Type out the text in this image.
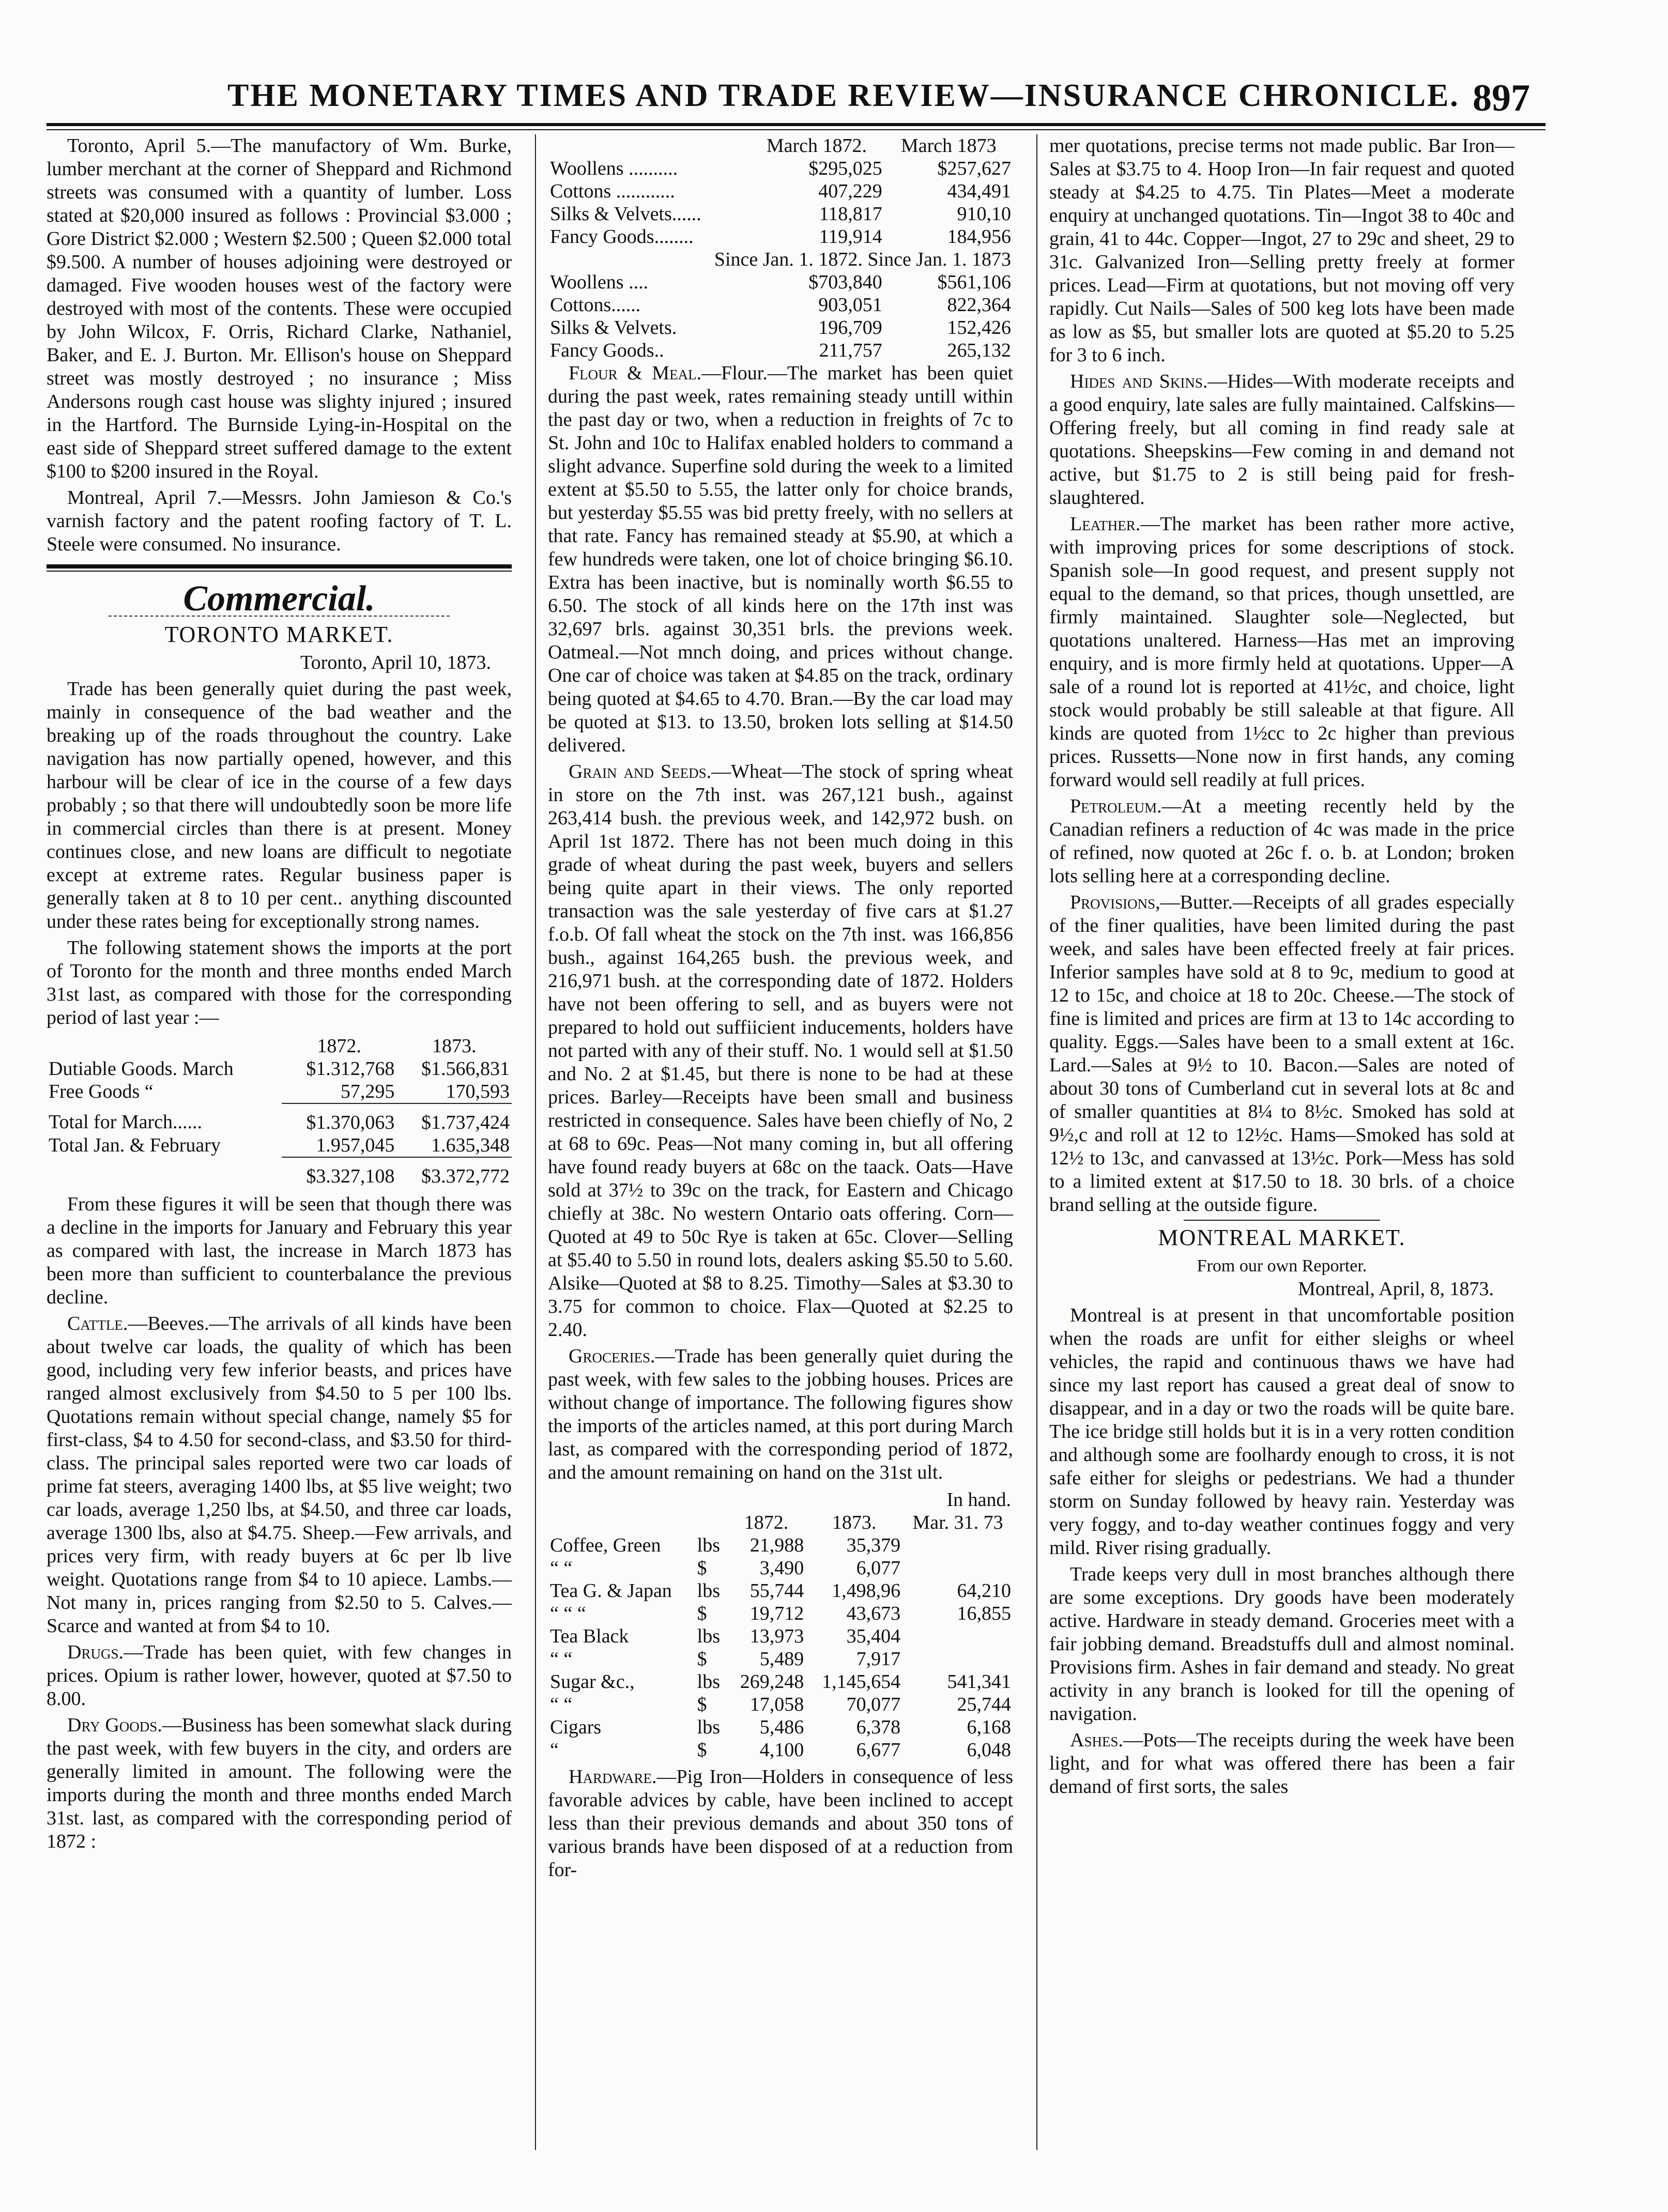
THE MONETARY TIMES AND TRADE REVIEW—INSURANCE CHRONICLE. 897

Toronto, April 5.—The manufactory of Wm. Burke, lumber merchant at the corner of Sheppard and Richmond streets was consumed with a quantity of lumber. Loss stated at $20,000 insured as follows : Provincial $3.000 ; Gore District $2.000 ; Western $2.500 ; Queen $2.000 total $9.500. A number of houses adjoining were destroyed or damaged. Five wooden houses west of the factory were destroyed with most of the contents. These were occupied by John Wilcox, F. Orris, Richard Clarke, Nathaniel, Baker, and E. J. Burton. Mr. Ellison's house on Sheppard street was mostly destroyed ; no insurance ; Miss Andersons rough cast house was slighty injured ; insured in the Hartford. The Burnside Lying-in-Hospital on the east side of Sheppard street suffered damage to the extent $100 to $200 insured in the Royal.

Montreal, April 7.—Messrs. John Jamieson & Co.'s varnish factory and the patent roofing factory of T. L. Steele were consumed. No insurance.

Commercial.
TORONTO MARKET.

Toronto, April 10, 1873.

Trade has been generally quiet during the past week, mainly in consequence of the bad weather and the breaking up of the roads throughout the country. Lake navigation has now partially opened, however, and this harbour will be clear of ice in the course of a few days probably ; so that there will undoubtedly soon be more life in commercial circles than there is at present. Money continues close, and new loans are difficult to negotiate except at extreme rates. Regular business paper is generally taken at 8 to 10 per cent.. anything discounted under these rates being for exceptionally strong names.

The following statement shows the imports at the port of Toronto for the month and three months ended March 31st last, as compared with those for the corresponding period of last year :—

	1872.	1873.
Dutiable Goods. March	$1.312,768	$1.566,831
Free Goods “	57,295	170,593
Total for March......	$1.370,063	$1.737,424
Total Jan. & February	1.957,045	1.635,348
	$3.327,108	$3.372,772

From these figures it will be seen that though there was a decline in the imports for January and February this year as compared with last, the increase in March 1873 has been more than sufficient to counterbalance the previous decline.

Cattle.—Beeves.—The arrivals of all kinds have been about twelve car loads, the quality of which has been good, including very few inferior beasts, and prices have ranged almost exclusively from $4.50 to 5 per 100 lbs. Quotations remain without special change, namely $5 for first-class, $4 to 4.50 for second-class, and $3.50 for third-class. The principal sales reported were two car loads of prime fat steers, averaging 1400 lbs, at $5 live weight; two car loads, average 1,250 lbs, at $4.50, and three car loads, average 1300 lbs, also at $4.75. Sheep.—Few arrivals, and prices very firm, with ready buyers at 6c per lb live weight. Quotations range from $4 to 10 apiece. Lambs.—Not many in, prices ranging from $2.50 to 5. Calves.—Scarce and wanted at from $4 to 10.

Drugs.—Trade has been quiet, with few changes in prices. Opium is rather lower, however, quoted at $7.50 to 8.00.

Dry Goods.—Business has been somewhat slack during the past week, with few buyers in the city, and orders are generally limited in amount. The following were the imports during the month and three months ended March 31st. last, as compared with the corresponding period of 1872 :

	March 1872.	March 1873
Woollens ..........	$295,025	$257,627
Cottons ............	407,229	434,491
Silks & Velvets......	118,817	910,10
Fancy Goods........	119,914	184,956
Since Jan. 1. 1872. Since Jan. 1. 1873		
Woollens ....	$703,840	$561,106
Cottons......	903,051	822,364
Silks & Velvets.	196,709	152,426
Fancy Goods..	211,757	265,132

Flour & Meal.—Flour.—The market has been quiet during the past week, rates remaining steady untill within the past day or two, when a reduction in freights of 7c to St. John and 10c to Halifax enabled holders to command a slight advance. Superfine sold during the week to a limited extent at $5.50 to 5.55, the latter only for choice brands, but yesterday $5.55 was bid pretty freely, with no sellers at that rate. Fancy has remained steady at $5.90, at which a few hundreds were taken, one lot of choice bringing $6.10. Extra has been inactive, but is nominally worth $6.55 to 6.50. The stock of all kinds here on the 17th inst was 32,697 brls. against 30,351 brls. the previons week. Oatmeal.—Not mnch doing, and prices without change. One car of choice was taken at $4.85 on the track, ordinary being quoted at $4.65 to 4.70. Bran.—By the car load may be quoted at $13. to 13.50, broken lots selling at $14.50 delivered.

Grain and Seeds.—Wheat—The stock of spring wheat in store on the 7th inst. was 267,121 bush., against 263,414 bush. the previous week, and 142,972 bush. on April 1st 1872. There has not been much doing in this grade of wheat during the past week, buyers and sellers being quite apart in their views. The only reported transaction was the sale yesterday of five cars at $1.27 f.o.b. Of fall wheat the stock on the 7th inst. was 166,856 bush., against 164,265 bush. the previous week, and 216,971 bush. at the corresponding date of 1872. Holders have not been offering to sell, and as buyers were not prepared to hold out suffiicient inducements, holders have not parted with any of their stuff. No. 1 would sell at $1.50 and No. 2 at $1.45, but there is none to be had at these prices. Barley—Receipts have been small and business restricted in consequence. Sales have been chiefly of No, 2 at 68 to 69c. Peas—Not many coming in, but all offering have found ready buyers at 68c on the taack. Oats—Have sold at 37½ to 39c on the track, for Eastern and Chicago chiefly at 38c. No western Ontario oats offering. Corn—Quoted at 49 to 50c Rye is taken at 65c. Clover—Selling at $5.40 to 5.50 in round lots, dealers asking $5.50 to 5.60. Alsike—Quoted at $8 to 8.25. Timothy—Sales at $3.30 to 3.75 for common to choice. Flax—Quoted at $2.25 to 2.40.

Groceries.—Trade has been generally quiet during the past week, with few sales to the jobbing houses. Prices are without change of importance. The following figures show the imports of the articles named, at this port during March last, as compared with the corresponding period of 1872, and the amount remaining on hand on the 31st ult.

In hand.				
		1872.	1873.	Mar. 31. 73
Coffee, Green	lbs	21,988	35,379	
“ “	$	3,490	6,077	
Tea G. & Japan	lbs	55,744	1,498,96	64,210
“ “ “	$	19,712	43,673	16,855
Tea Black	lbs	13,973	35,404	
“ “	$	5,489	7,917	
Sugar &c.,	lbs	269,248	1,145,654	541,341
“ “	$	17,058	70,077	25,744
Cigars	lbs	5,486	6,378	6,168
“	$	4,100	6,677	6,048

Hardware.—Pig Iron—Holders in consequence of less favorable advices by cable, have been inclined to accept less than their previous demands and about 350 tons of various brands have been disposed of at a reduction from for-

mer quotations, precise terms not made public. Bar Iron—Sales at $3.75 to 4. Hoop Iron—In fair request and quoted steady at $4.25 to 4.75. Tin Plates—Meet a moderate enquiry at unchanged quotations. Tin—Ingot 38 to 40c and grain, 41 to 44c. Copper—Ingot, 27 to 29c and sheet, 29 to 31c. Galvanized Iron—Selling pretty freely at former prices. Lead—Firm at quotations, but not moving off very rapidly. Cut Nails—Sales of 500 keg lots have been made as low as $5, but smaller lots are quoted at $5.20 to 5.25 for 3 to 6 inch.

Hides and Skins.—Hides—With moderate receipts and a good enquiry, late sales are fully maintained. Calfskins—Offering freely, but all coming in find ready sale at quotations. Sheepskins—Few coming in and demand not active, but $1.75 to 2 is still being paid for fresh-slaughtered.

Leather.—The market has been rather more active, with improving prices for some descriptions of stock. Spanish sole—In good request, and present supply not equal to the demand, so that prices, though unsettled, are firmly maintained. Slaughter sole—Neglected, but quotations unaltered. Harness—Has met an improving enquiry, and is more firmly held at quotations. Upper—A sale of a round lot is reported at 41½c, and choice, light stock would probably be still saleable at that figure. All kinds are quoted from 1½cc to 2c higher than previous prices. Russetts—None now in first hands, any coming forward would sell readily at full prices.

Petroleum.—At a meeting recently held by the Canadian refiners a reduction of 4c was made in the price of refined, now quoted at 26c f. o. b. at London; broken lots selling here at a corresponding decline.

Provisions,—Butter.—Receipts of all grades especially of the finer qualities, have been limited during the past week, and sales have been effected freely at fair prices. Inferior samples have sold at 8 to 9c, medium to good at 12 to 15c, and choice at 18 to 20c. Cheese.—The stock of fine is limited and prices are firm at 13 to 14c according to quality. Eggs.—Sales have been to a small extent at 16c. Lard.—Sales at 9½ to 10. Bacon.—Sales are noted of about 30 tons of Cumberland cut in several lots at 8c and of smaller quantities at 8¼ to 8½c. Smoked has sold at 9½,c and roll at 12 to 12½c. Hams—Smoked has sold at 12½ to 13c, and canvassed at 13½c. Pork—Mess has sold to a limited extent at $17.50 to 18. 30 brls. of a choice brand selling at the outside figure.

MONTREAL MARKET.

From our own Reporter.

Montreal, April, 8, 1873.

Montreal is at present in that uncomfortable position when the roads are unfit for either sleighs or wheel vehicles, the rapid and continuous thaws we have had since my last report has caused a great deal of snow to disappear, and in a day or two the roads will be quite bare. The ice bridge still holds but it is in a very rotten condition and although some are foolhardy enough to cross, it is not safe either for sleighs or pedestrians. We had a thunder storm on Sunday followed by heavy rain. Yesterday was very foggy, and to-day weather continues foggy and very mild. River rising gradually.

Trade keeps very dull in most branches although there are some exceptions. Dry goods have been moderately active. Hardware in steady demand. Groceries meet with a fair jobbing demand. Breadstuffs dull and almost nominal. Provisions firm. Ashes in fair demand and steady. No great activity in any branch is looked for till the opening of navigation.

Ashes.—Pots—The receipts during the week have been light, and for what was offered there has been a fair demand of first sorts, the sales
